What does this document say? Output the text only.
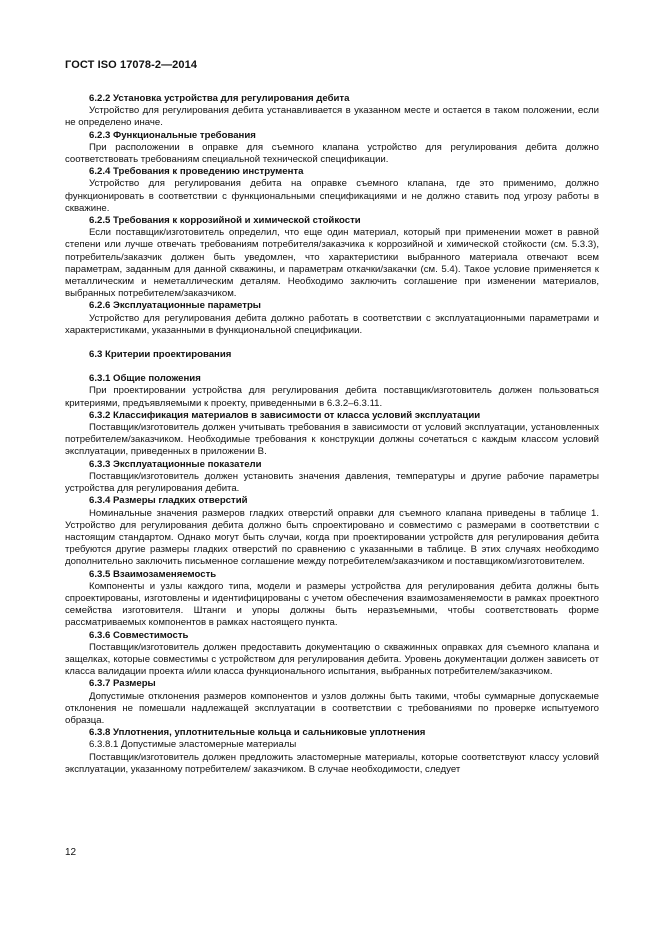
ГОСТ ISO 17078-2—2014
6.2.2 Установка устройства для регулирования дебита

Устройство для регулирования дебита устанавливается в указанном месте и остается в таком положении, если не определено иначе.

6.2.3 Функциональные требования

При расположении в оправке для съемного клапана устройство для регулирования дебита должно соответствовать требованиям специальной технической спецификации.

6.2.4 Требования к проведению инструмента

Устройство для регулирования дебита на оправке съемного клапана, где это применимо, должно функционировать в соответствии с функциональными спецификациями и не должно ставить под угрозу работы в скважине.

6.2.5 Требования к коррозийной и химической стойкости

Если поставщик/изготовитель определил, что еще один материал, который при применении может в равной степени или лучше отвечать требованиям потребителя/заказчика к коррозийной и химической стойкости (см. 5.3.3), потребитель/заказчик должен быть уведомлен, что характеристики выбранного материала отвечают всем параметрам, заданным для данной скважины, и параметрам откачки/закачки (см. 5.4). Такое условие применяется к металлическим и неметаллическим деталям. Необходимо заключить соглашение при изменении материалов, выбранных потребителем/заказчиком.

6.2.6 Эксплуатационные параметры

Устройство для регулирования дебита должно работать в соответствии с эксплуатационными параметрами и характеристиками, указанными в функциональной спецификации.

6.3 Критерии проектирования
6.3.1 Общие положения

При проектировании устройства для регулирования дебита поставщик/изготовитель должен пользоваться критериями, предъявляемыми к проекту, приведенными в 6.3.2–6.3.11.

6.3.2 Классификация материалов в зависимости от класса условий эксплуатации

Поставщик/изготовитель должен учитывать требования в зависимости от условий эксплуатации, установленных потребителем/заказчиком. Необходимые требования к конструкции должны сочетаться с каждым классом условий эксплуатации, приведенных в приложении В.

6.3.3 Эксплуатационные показатели

Поставщик/изготовитель должен установить значения давления, температуры и другие рабочие параметры устройства для регулирования дебита.

6.3.4 Размеры гладких отверстий

Номинальные значения размеров гладких отверстий оправки для съемного клапана приведены в таблице 1. Устройство для регулирования дебита должно быть спроектировано и совместимо с размерами в соответствии с настоящим стандартом. Однако могут быть случаи, когда при проектировании устройств для регулирования дебита требуются другие размеры гладких отверстий по сравнению с указанными в таблице. В этих случаях необходимо дополнительно заключить письменное соглашение между потребителем/заказчиком и поставщиком/изготовителем.

6.3.5 Взаимозаменяемость

Компоненты и узлы каждого типа, модели и размеры устройства для регулирования дебита должны быть спроектированы, изготовлены и идентифицированы с учетом обеспечения взаимозаменяемости в рамках проектного семейства изготовителя. Штанги и упоры должны быть неразъемными, чтобы соответствовать форме рассматриваемых компонентов в рамках настоящего пункта.

6.3.6 Совместимость

Поставщик/изготовитель должен предоставить документацию о скважинных оправках для съемного клапана и защелках, которые совместимы с устройством для регулирования дебита. Уровень документации должен зависеть от класса валидации проекта и/или класса функционального испытания, выбранных потребителем/заказчиком.

6.3.7 Размеры

Допустимые отклонения размеров компонентов и узлов должны быть такими, чтобы суммарные допускаемые отклонения не помешали надлежащей эксплуатации в соответствии с требованиями по проверке испытуемого образца.

6.3.8 Уплотнения, уплотнительные кольца и сальниковые уплотнения
6.3.8.1 Допустимые эластомерные материалы

Поставщик/изготовитель должен предложить эластомерные материалы, которые соответствуют классу условий эксплуатации, указанному потребителем/ заказчиком. В случае необходимости, следует

12
